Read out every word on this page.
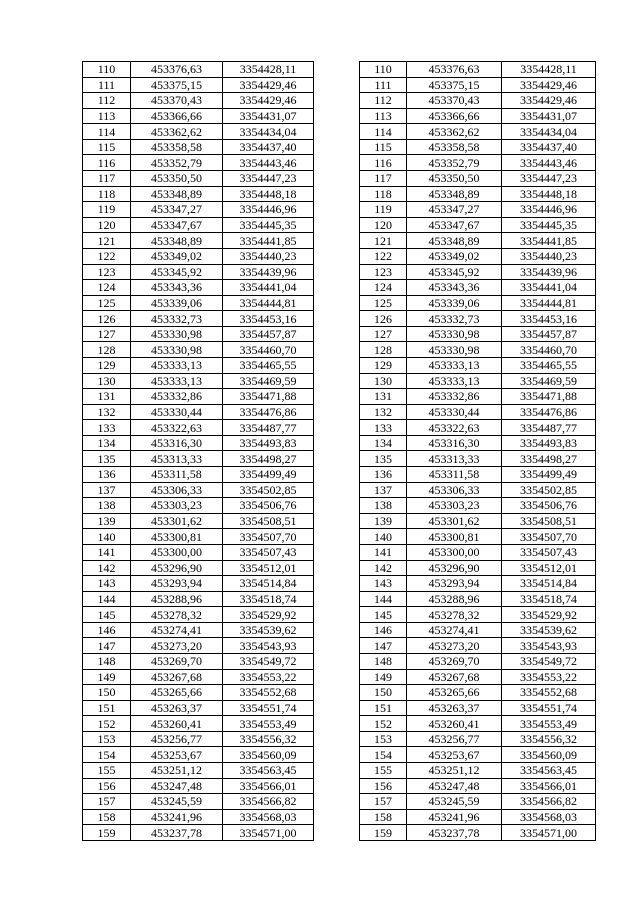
110	453376,63	3354428,11		110	453376,63	3354428,11
111	453375,15	3354429,46		111	453375,15	3354429,46
112	453370,43	3354429,46		112	453370,43	3354429,46
113	453366,66	3354431,07		113	453366,66	3354431,07
114	453362,62	3354434,04		114	453362,62	3354434,04
115	453358,58	3354437,40		115	453358,58	3354437,40
116	453352,79	3354443,46		116	453352,79	3354443,46
117	453350,50	3354447,23		117	453350,50	3354447,23
118	453348,89	3354448,18		118	453348,89	3354448,18
119	453347,27	3354446,96		119	453347,27	3354446,96
120	453347,67	3354445,35		120	453347,67	3354445,35
121	453348,89	3354441,85		121	453348,89	3354441,85
122	453349,02	3354440,23		122	453349,02	3354440,23
123	453345,92	3354439,96		123	453345,92	3354439,96
124	453343,36	3354441,04		124	453343,36	3354441,04
125	453339,06	3354444,81		125	453339,06	3354444,81
126	453332,73	3354453,16		126	453332,73	3354453,16
127	453330,98	3354457,87		127	453330,98	3354457,87
128	453330,98	3354460,70		128	453330,98	3354460,70
129	453333,13	3354465,55		129	453333,13	3354465,55
130	453333,13	3354469,59		130	453333,13	3354469,59
131	453332,86	3354471,88		131	453332,86	3354471,88
132	453330,44	3354476,86		132	453330,44	3354476,86
133	453322,63	3354487,77		133	453322,63	3354487,77
134	453316,30	3354493,83		134	453316,30	3354493,83
135	453313,33	3354498,27		135	453313,33	3354498,27
136	453311,58	3354499,49		136	453311,58	3354499,49
137	453306,33	3354502,85		137	453306,33	3354502,85
138	453303,23	3354506,76		138	453303,23	3354506,76
139	453301,62	3354508,51		139	453301,62	3354508,51
140	453300,81	3354507,70		140	453300,81	3354507,70
141	453300,00	3354507,43		141	453300,00	3354507,43
142	453296,90	3354512,01		142	453296,90	3354512,01
143	453293,94	3354514,84		143	453293,94	3354514,84
144	453288,96	3354518,74		144	453288,96	3354518,74
145	453278,32	3354529,92		145	453278,32	3354529,92
146	453274,41	3354539,62		146	453274,41	3354539,62
147	453273,20	3354543,93		147	453273,20	3354543,93
148	453269,70	3354549,72		148	453269,70	3354549,72
149	453267,68	3354553,22		149	453267,68	3354553,22
150	453265,66	3354552,68		150	453265,66	3354552,68
151	453263,37	3354551,74		151	453263,37	3354551,74
152	453260,41	3354553,49		152	453260,41	3354553,49
153	453256,77	3354556,32		153	453256,77	3354556,32
154	453253,67	3354560,09		154	453253,67	3354560,09
155	453251,12	3354563,45		155	453251,12	3354563,45
156	453247,48	3354566,01		156	453247,48	3354566,01
157	453245,59	3354566,82		157	453245,59	3354566,82
158	453241,96	3354568,03		158	453241,96	3354568,03
159	453237,78	3354571,00		159	453237,78	3354571,00
